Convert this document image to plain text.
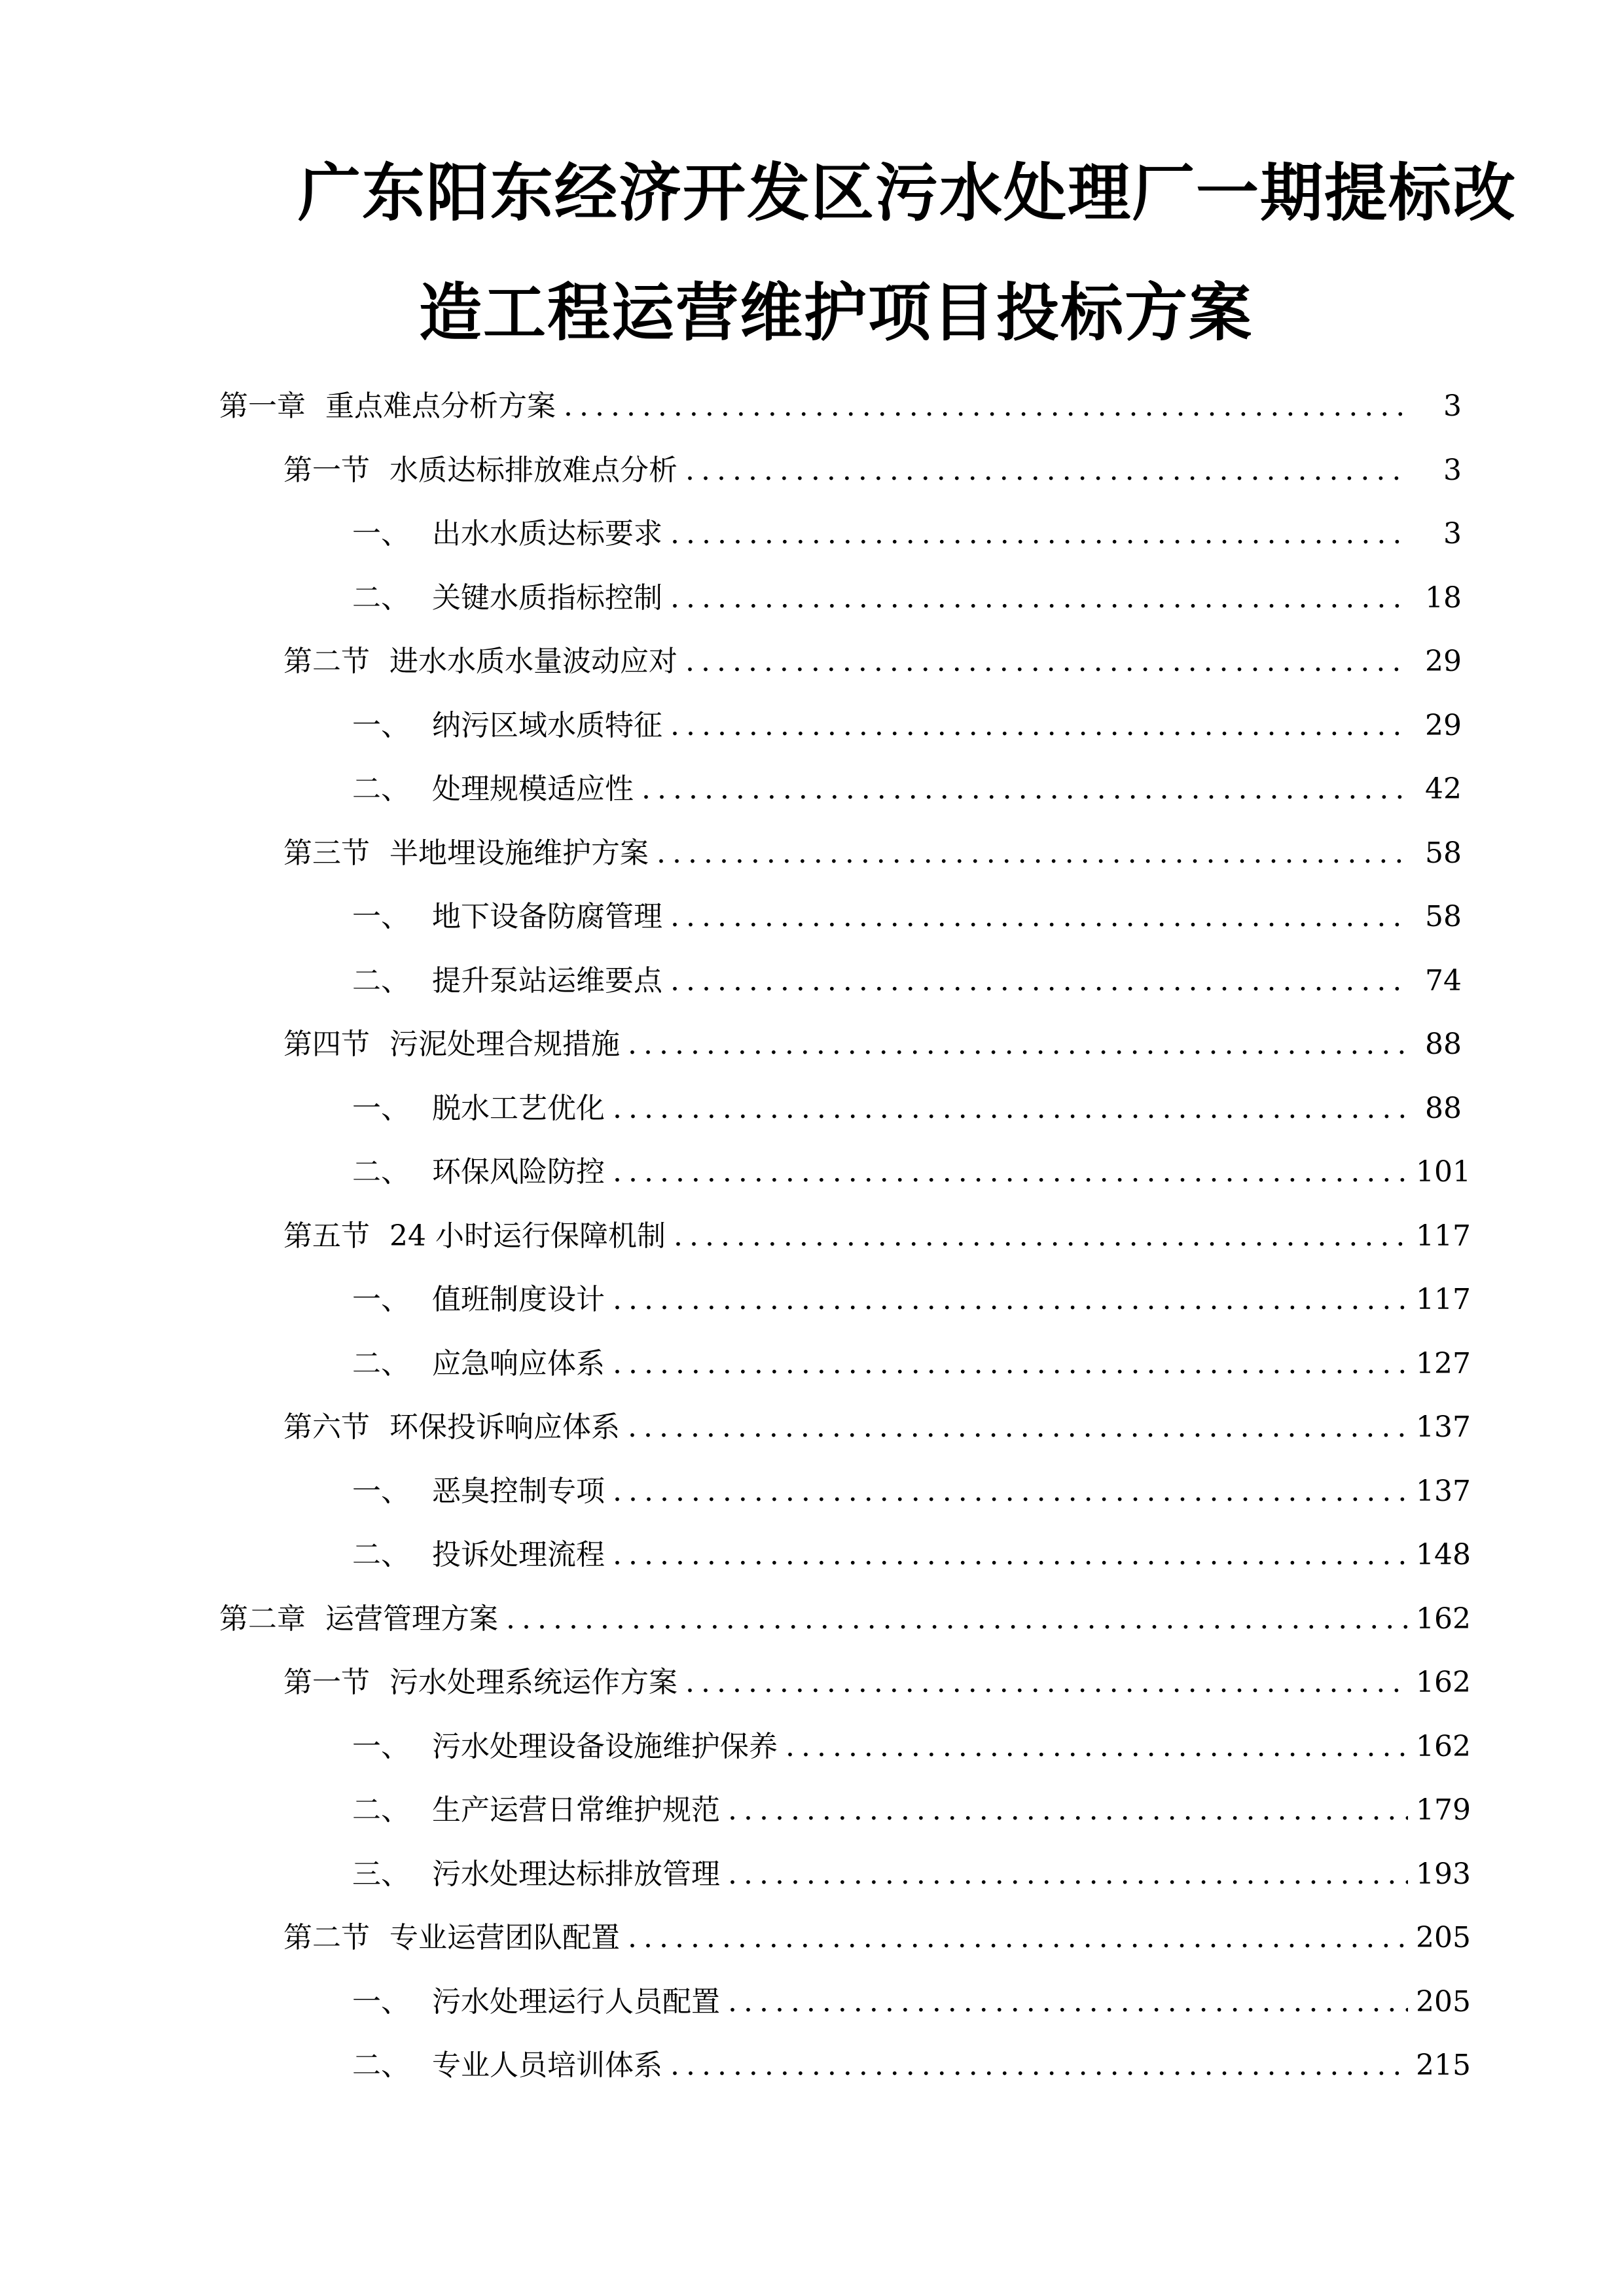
广东阳东经济开发区污水处理厂一期提标改
造工程运营维护项目投标方案
第一章 重点难点分析方案 .....	3
第一节 水质达标排放难点分析 .....	3
一、 出水水质达标要求 .....	3
二、 关键水质指标控制 .....	18
第二节 进水水质水量波动应对 .....	29
一、 纳污区域水质特征 .....	29
二、 处理规模适应性 .....	42
第三节 半地埋设施维护方案 .....	58
一、 地下设备防腐管理 .....	58
二、 提升泵站运维要点 .....	74
第四节 污泥处理合规措施 .....	88
一、 脱水工艺优化 .....	88
二、 环保风险防控 .....	101
第五节 24 小时运行保障机制 .....	117
一、 值班制度设计 .....	117
二、 应急响应体系 .....	127
第六节 环保投诉响应体系 .....	137
一、 恶臭控制专项 .....	137
二、 投诉处理流程 .....	148
第二章 运营管理方案 .....	162
第一节 污水处理系统运作方案 .....	162
一、 污水处理设备设施维护保养 .....	162
二、 生产运营日常维护规范 .....	179
三、 污水处理达标排放管理 .....	193
第二节 专业运营团队配置 .....	205
一、 污水处理运行人员配置 .....	205
二、 专业人员培训体系 .....	215
